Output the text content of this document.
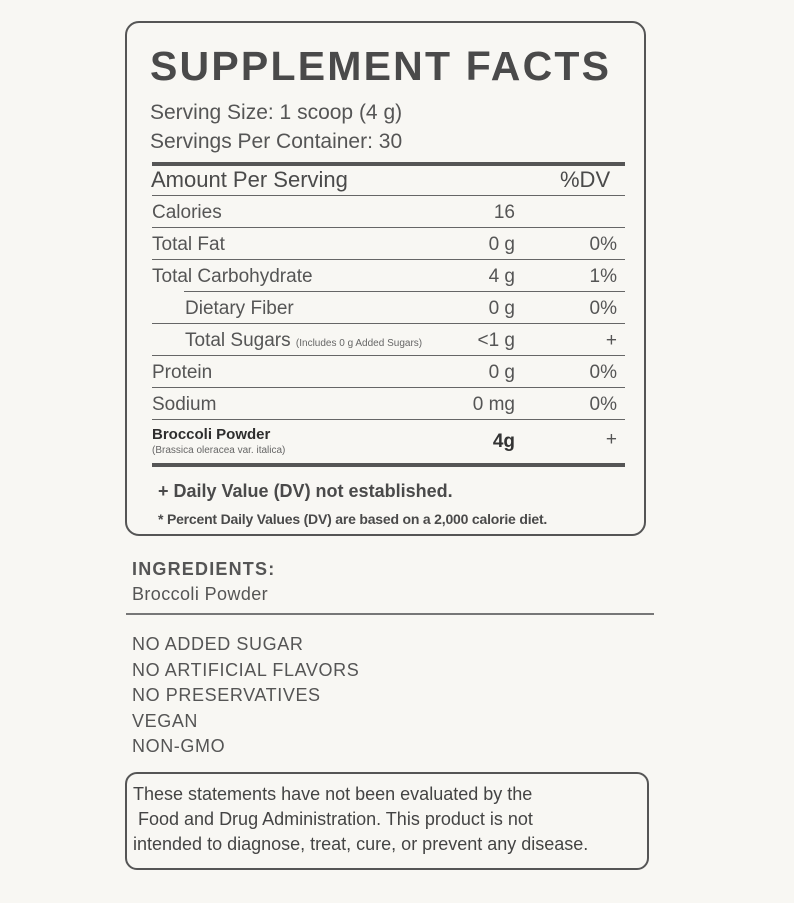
SUPPLEMENT FACTS
Serving Size: 1 scoop (4 g)
Servings Per Container: 30
Amount Per Serving	%DV
Calories	16
Total Fat	0 g	0%
Total Carbohydrate	4 g	1%
Dietary Fiber	0 g	0%
Total Sugars (Includes 0 g Added Sugars)	<1 g	+
Protein	0 g	0%
Sodium	0 mg	0%
Broccoli Powder
(Brassica oleracea var. italica)	4g	+
+ Daily Value (DV) not established.
* Percent Daily Values (DV) are based on a 2,000 calorie diet.
INGREDIENTS:
Broccoli Powder
NO ADDED SUGAR
NO ARTIFICIAL FLAVORS
NO PRESERVATIVES
VEGAN
NON-GMO
These statements have not been evaluated by the
Food and Drug Administration. This product is not
intended to diagnose, treat, cure, or prevent any disease.
